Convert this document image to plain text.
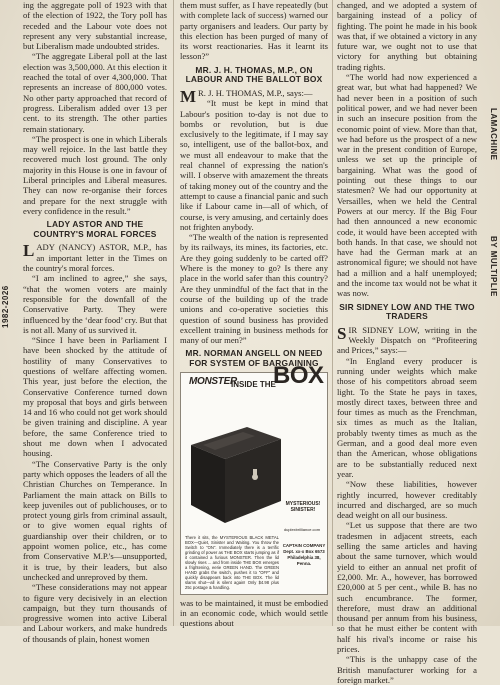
1982-2026
LAMACHINE
BY MULTIPLIE

ing the aggregate poll of 1923 with that of the election of 1922, the Tory poll has receded and the Labour vote does not represent any very substantial increase, but Liberalism made undoubted strides.

“The aggregate Liberal poll at the last election was 3,500,000. At this election it reached the total of over 4,300,000. That represents an increase of 800,000 votes. No other party approached that record of progress. Liberalism added over 13 per cent. to its strength. The other parties remain stationary.

“The prospect is one in which Liberals may well rejoice. In the last battle they recovered much lost ground. The only majority in this House is one in favour of Liberal principles and Liberal measures. They can now re-organise their forces and prepare for the next struggle with every confidence in the result.”

LADY ASTOR AND THE COUNTRY'S MORAL FORCES

LADY (NANCY) ASTOR, M.P., has an important letter in the Times on the country's moral forces.

“I am inclined to agree,” she says, “that the women voters are mainly responsible for the downfall of the Conservative Party. They were influenced by the ‘dear food’ cry. But that is not all. Many of us survived it.

“Since I have been in Parliament I have been shocked by the attitude of hostility of many Conservatives to questions of welfare affecting women. This year, just before the election, the Conservative Conference turned down my proposal that boys and girls between 14 and 16 who could not get work should be given training and discipline. A year before, the same Conference tried to shout me down when I advocated housing.

“The Conservative Party is the only party which opposes the leaders of all the Christian Churches on Temperance. In Parliament the main attack on Bills to keep juveniles out of publichouses, or to protect young girls from criminal assault, or to give women equal rights of guardianship over their children, or to appoint women police, etc., has come from Conservative M.P.'s—unsupported, it is true, by their leaders, but also unchecked and unreproved by them.

“These considerations may not appear to figure very decisively in an election campaign, but they turn thousands of progressive women into active Liberal and Labour workers, and make hundreds of thousands of plain, honest women

them must suffer, as I have repeatedly (but with complete lack of success) warned our party organisers and leaders. Our party by this election has been purged of many of its worst reactionaries. Has it learnt its lesson?”

MR. J. H. THOMAS, M.P., ON LABOUR AND THE BALLOT BOX

M R. J. H. THOMAS, M.P., says:—

“It must be kept in mind that Labour's position to-day is not due to bombs or revolution, but is due exclusively to the legitimate, if I may say so, intelligent, use of the ballot-box, and we must all endeavour to make that the real channel of expressing the nation's will. I observe with amazement the threats of taking money out of the country and the attempt to cause a financial panic and such like if Labour came in—all of which, of course, is very amusing, and certainly does not frighten anybody.

“The wealth of the nation is represented by its railways, its mines, its factories, etc. Are they going suddenly to be carted off? Where is the money to go? Is there any place in the world safer than this country? Are they unmindful of the fact that in the course of the building up of the trade unions and co-operative societies this question of sound business has provided excellent training in business methods for many of our men?”

MR. NORMAN ANGELL ON NEED FOR SYSTEM OF BARGAINING
MONSTER
INSIDE THE
BOX
MYSTERIOUS! SINISTER!
duplexbrilliance.com
There it sits, the MYSTERIOUS BLACK METAL BOX—Quiet, Sinister and Waiting. You throw the Switch to “ON”. Immediately there is a terrific grinding of power as THE BOX starts jumping as if it contained a furious MONSTER. Then the lid slowly rises ... and from inside THE BOX emerges a frightening, eerie GREEN HAND. The GREEN HAND grabs the switch, pushes it to “OFF” and quickly disappears back into THE BOX. The lid slams shut—all is silent again! Only $4.98 plus 25c postage & handling.
CAPTAIN COMPANY Dept. xx-x Box 6573 Philadelphia 38, Penna.

was to be maintained, it must be embodied in an economic code, which would settle questions about

changed, and we adopted a system of bargaining instead of a policy of fighting. The point he made in his book was that, if we obtained a victory in any future war, we ought not to use that victory for anything but obtaining trading rights.

“The world had now experienced a great war, but what had happened? We had never been in a position of such political power, and we had never been in such an insecure position from the economic point of view. More than that, we had before us the prospect of a new war in the present condition of Europe, unless we set up the principle of bargaining. What was the good of pointing out these things to our statesmen? We had our opportunity at Versailles, when we held the Central Powers at our mercy. If the Big Four had then announced a new economic code, it would have been accepted with both hands. In that case, we should not have had the German mark at an astronomical figure; we should not have had a million and a half unemployed; and the income tax would not be what it was now.

SIR SIDNEY LOW AND THE TWO TRADERS

SIR SIDNEY LOW, writing in the Weekly Dispatch on “Profiteering and Prices,” says:—

“In England every producer is running under weights which make those of his competitors abroad seem light. To the State he pays in taxes, mostly direct taxes, between three and four times as much as the Frenchman, six times as much as the Italian, probably twenty times as much as the German, and a good deal more even than the American, whose obligations are to be substantially reduced next year.

“Now these liabilities, however rightly incurred, however creditably incurred and discharged, are so much dead weight on all our business.

“Let us suppose that there are two tradesmen in adjacent streets, each selling the same articles and having about the same turnover, which would yield to either an annual net profit of £2,000. Mr. A., however, has borrowed £20,000 at 5 per cent., while B. has no such encumbrance. The former, therefore, must draw an additional thousand per annum from his business, so that he must either be content with half his rival's income or raise his prices.

“This is the unhappy case of the British manufacturer working for a foreign market.”
